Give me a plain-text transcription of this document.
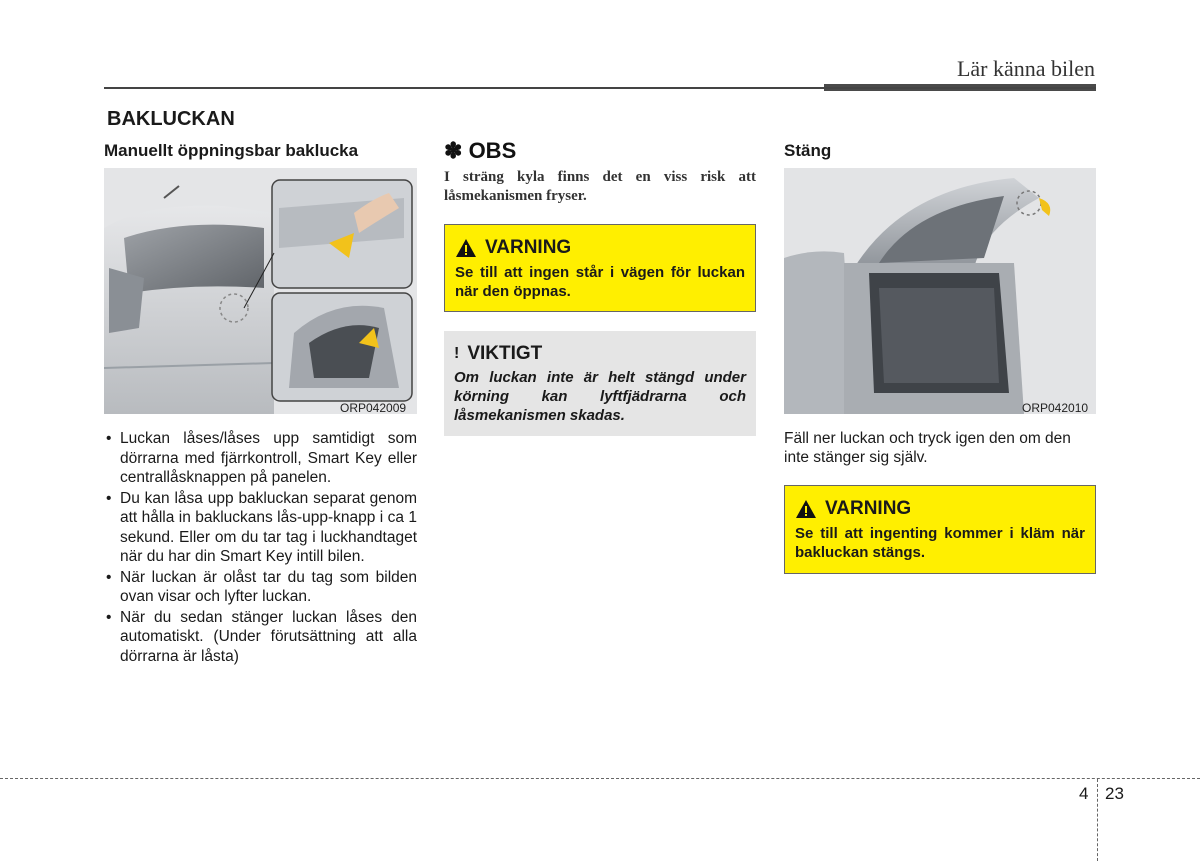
Lär känna bilen
BAKLUCKAN
Manuellt öppningsbar baklucka
ORP042009
• Luckan låses/låses upp samtidigt som dörrarna med fjärrkontroll, Smart Key eller centrallåsknappen på panelen.
• Du kan låsa upp bakluckan separat genom att hålla in bakluckans lås-upp-knapp i ca 1 sekund. Eller om du tar tag i luckhandtaget när du har din Smart Key intill bilen.
• När luckan är olåst tar du tag som bilden ovan visar och lyfter luckan.
• När du sedan stänger luckan låses den automatiskt. (Under förutsättning att alla dörrarna är låsta)
✽ OBS
I sträng kyla finns det en viss risk att låsmekanismen fryser.
VARNING
Se till att ingen står i vägen för luckan när den öppnas.
! VIKTIGT
Om luckan inte är helt stängd under körning kan lyftfjädrarna och låsmekanismen skadas.
Stäng
ORP042010
Fäll ner luckan och tryck igen den om den inte stänger sig själv.
VARNING
Se till att ingenting kommer i kläm när bakluckan stängs.
4 23
